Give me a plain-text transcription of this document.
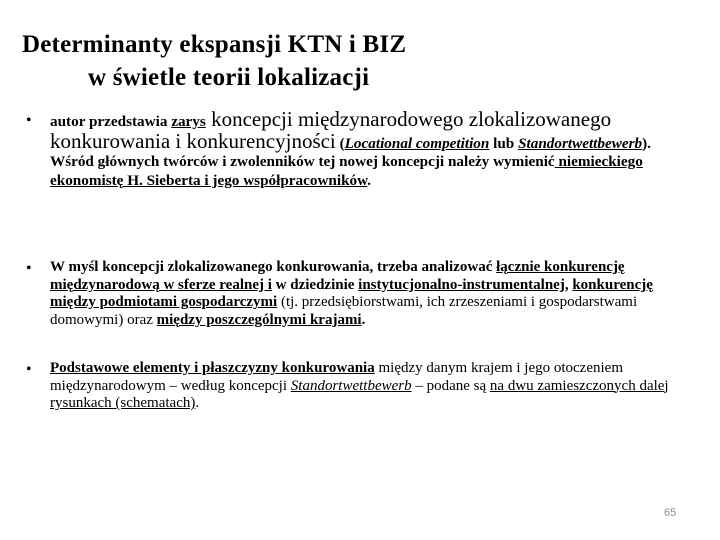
Determinanty ekspansji KTN i BIZ
w świetle teorii lokalizacji
• autor przedstawia zarys koncepcji międzynarodowego zlokalizowanego konkurowania i konkurencyjności (Locational competition lub Standortwettbewerb). Wśród głównych twórców i zwolenników tej nowej koncepcji należy wymienić niemieckiego ekonomistę H. Sieberta i jego współpracowników.
• W myśl koncepcji zlokalizowanego konkurowania, trzeba analizować łącznie konkurencję międzynarodową w sferze realnej i w dziedzinie instytucjonalno-instrumentalnej, konkurencję między podmiotami gospodarczymi (tj. przedsiębiorstwami, ich zrzeszeniami i gospodarstwami domowymi) oraz między poszczególnymi krajami.
• Podstawowe elementy i płaszczyzny konkurowania między danym krajem i jego otoczeniem międzynarodowym – według koncepcji Standortwettbewerb – podane są na dwu zamieszczonych dalej rysunkach (schematach).
65
